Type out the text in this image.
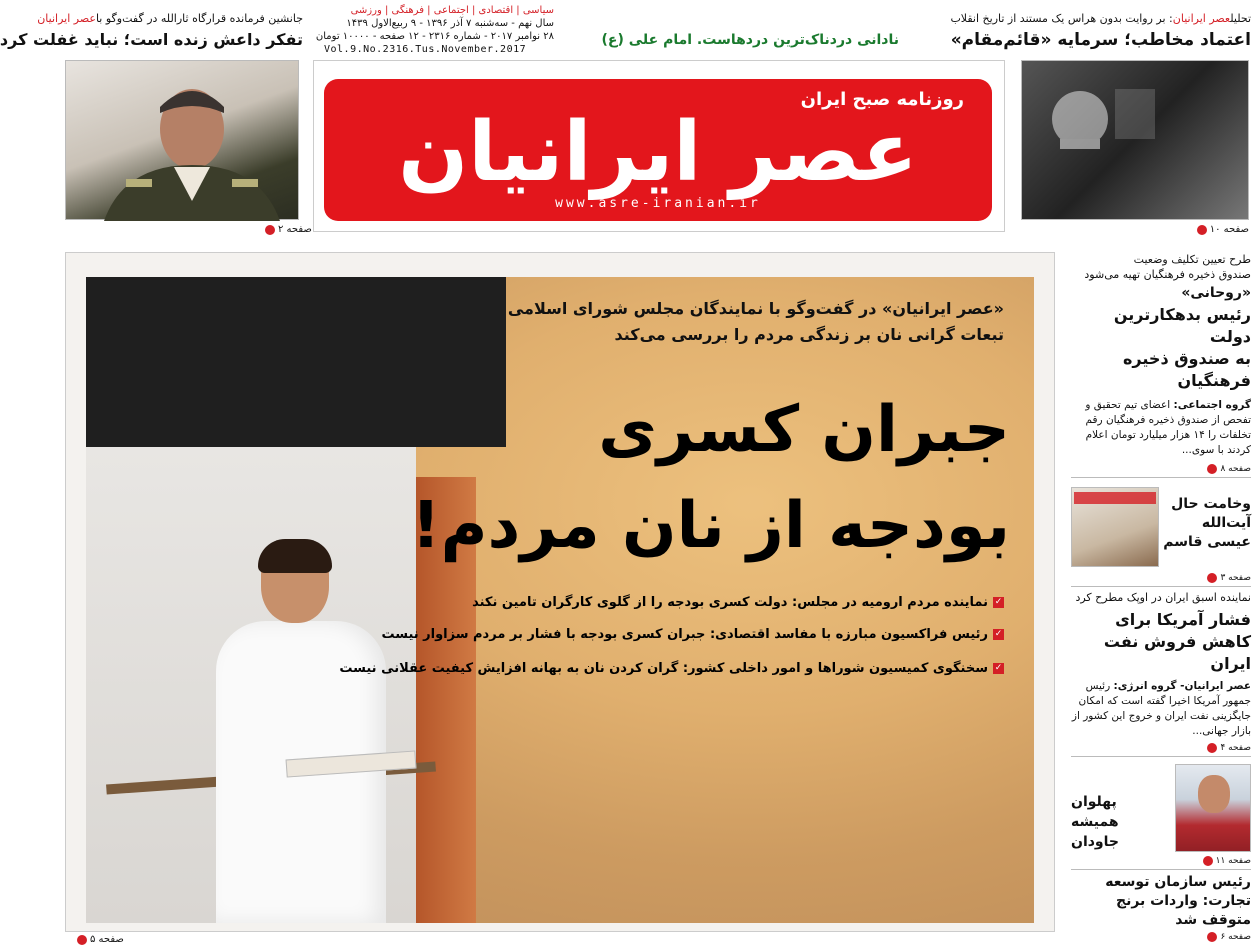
تحلیلعصر ایرانیان: بر روایت بدون هراس یک مستند از تاریخ انقلاب
اعتماد مخاطب؛ سرمایه «قائم‌مقام»
جانشین فرمانده قرارگاه ثارالله در گفت‌وگو باعصر ایرانیان
تفکر داعش زنده است؛ نباید غفلت کرد
سیاسی | اقتصادی | اجتماعی | فرهنگی | ورزشی
سال نهم - سه‌شنبه ۷ آذر ۱۳۹۶ - ۹ ربیع‌الاول ۱۴۳۹
۲۸ نوامبر ۲۰۱۷ - شماره ۲۳۱۶ - ۱۲ صفحه - ۱۰۰۰۰ تومان
Vol.9.No.2316.Tus.November.2017
نادانی دردناک‌ترین دردهاست. امام علی (ع)
روزنامه صبح ایران
عصر ایرانیان
www.asre-iranian.ir
صفحه ۱۰
صفحه ۲
«عصر ایرانیان» در گفت‌وگو با نمایندگان مجلس شورای اسلامی
تبعات گرانی نان بر زندگی مردم را بررسی می‌کند
جبران کسری
بودجه از نان مردم!
✓
نماینده مردم ارومیه در مجلس: دولت کسری بودجه را از گلوی کارگران تامین نکند
✓
رئیس فراکسیون مبارزه با مفاسد اقتصادی: جبران کسری بودجه با فشار بر مردم سزاوار نیست
✓
سخنگوی کمیسیون شوراها و امور داخلی کشور: گران کردن نان به بهانه افزایش کیفیت عقلانی نیست
صفحه ۵
طرح تعیین تکلیف وضعیت
صندوق ذخیره فرهنگیان تهیه می‌شود
«روحانی»
رئیس بدهکارترین دولت
به صندوق ذخیره فرهنگیان
گروه اجتماعی: اعضای تیم تحقیق و تفحص از صندوق ذخیره فرهنگیان رقم تخلفات را ۱۴ هزار میلیارد تومان اعلام کردند با سوی...
صفحه ۸
وخامت حال
آیت‌الله
عیسی قاسم
صفحه ۳
نماینده اسبق ایران در اوپک مطرح کرد
فشار آمریکا برای
کاهش فروش نفت ایران
عصر ایرانیان- گروه انرژی: رئیس جمهور آمریکا اخیرا گفته است که امکان جایگزینی نفت ایران و خروج این کشور از بازار جهانی...
صفحه ۴
پهلوان
همیشه جاودان
صفحه ۱۱
رئیس سازمان توسعه
تجارت: واردات برنج
متوقف شد
صفحه ۶
